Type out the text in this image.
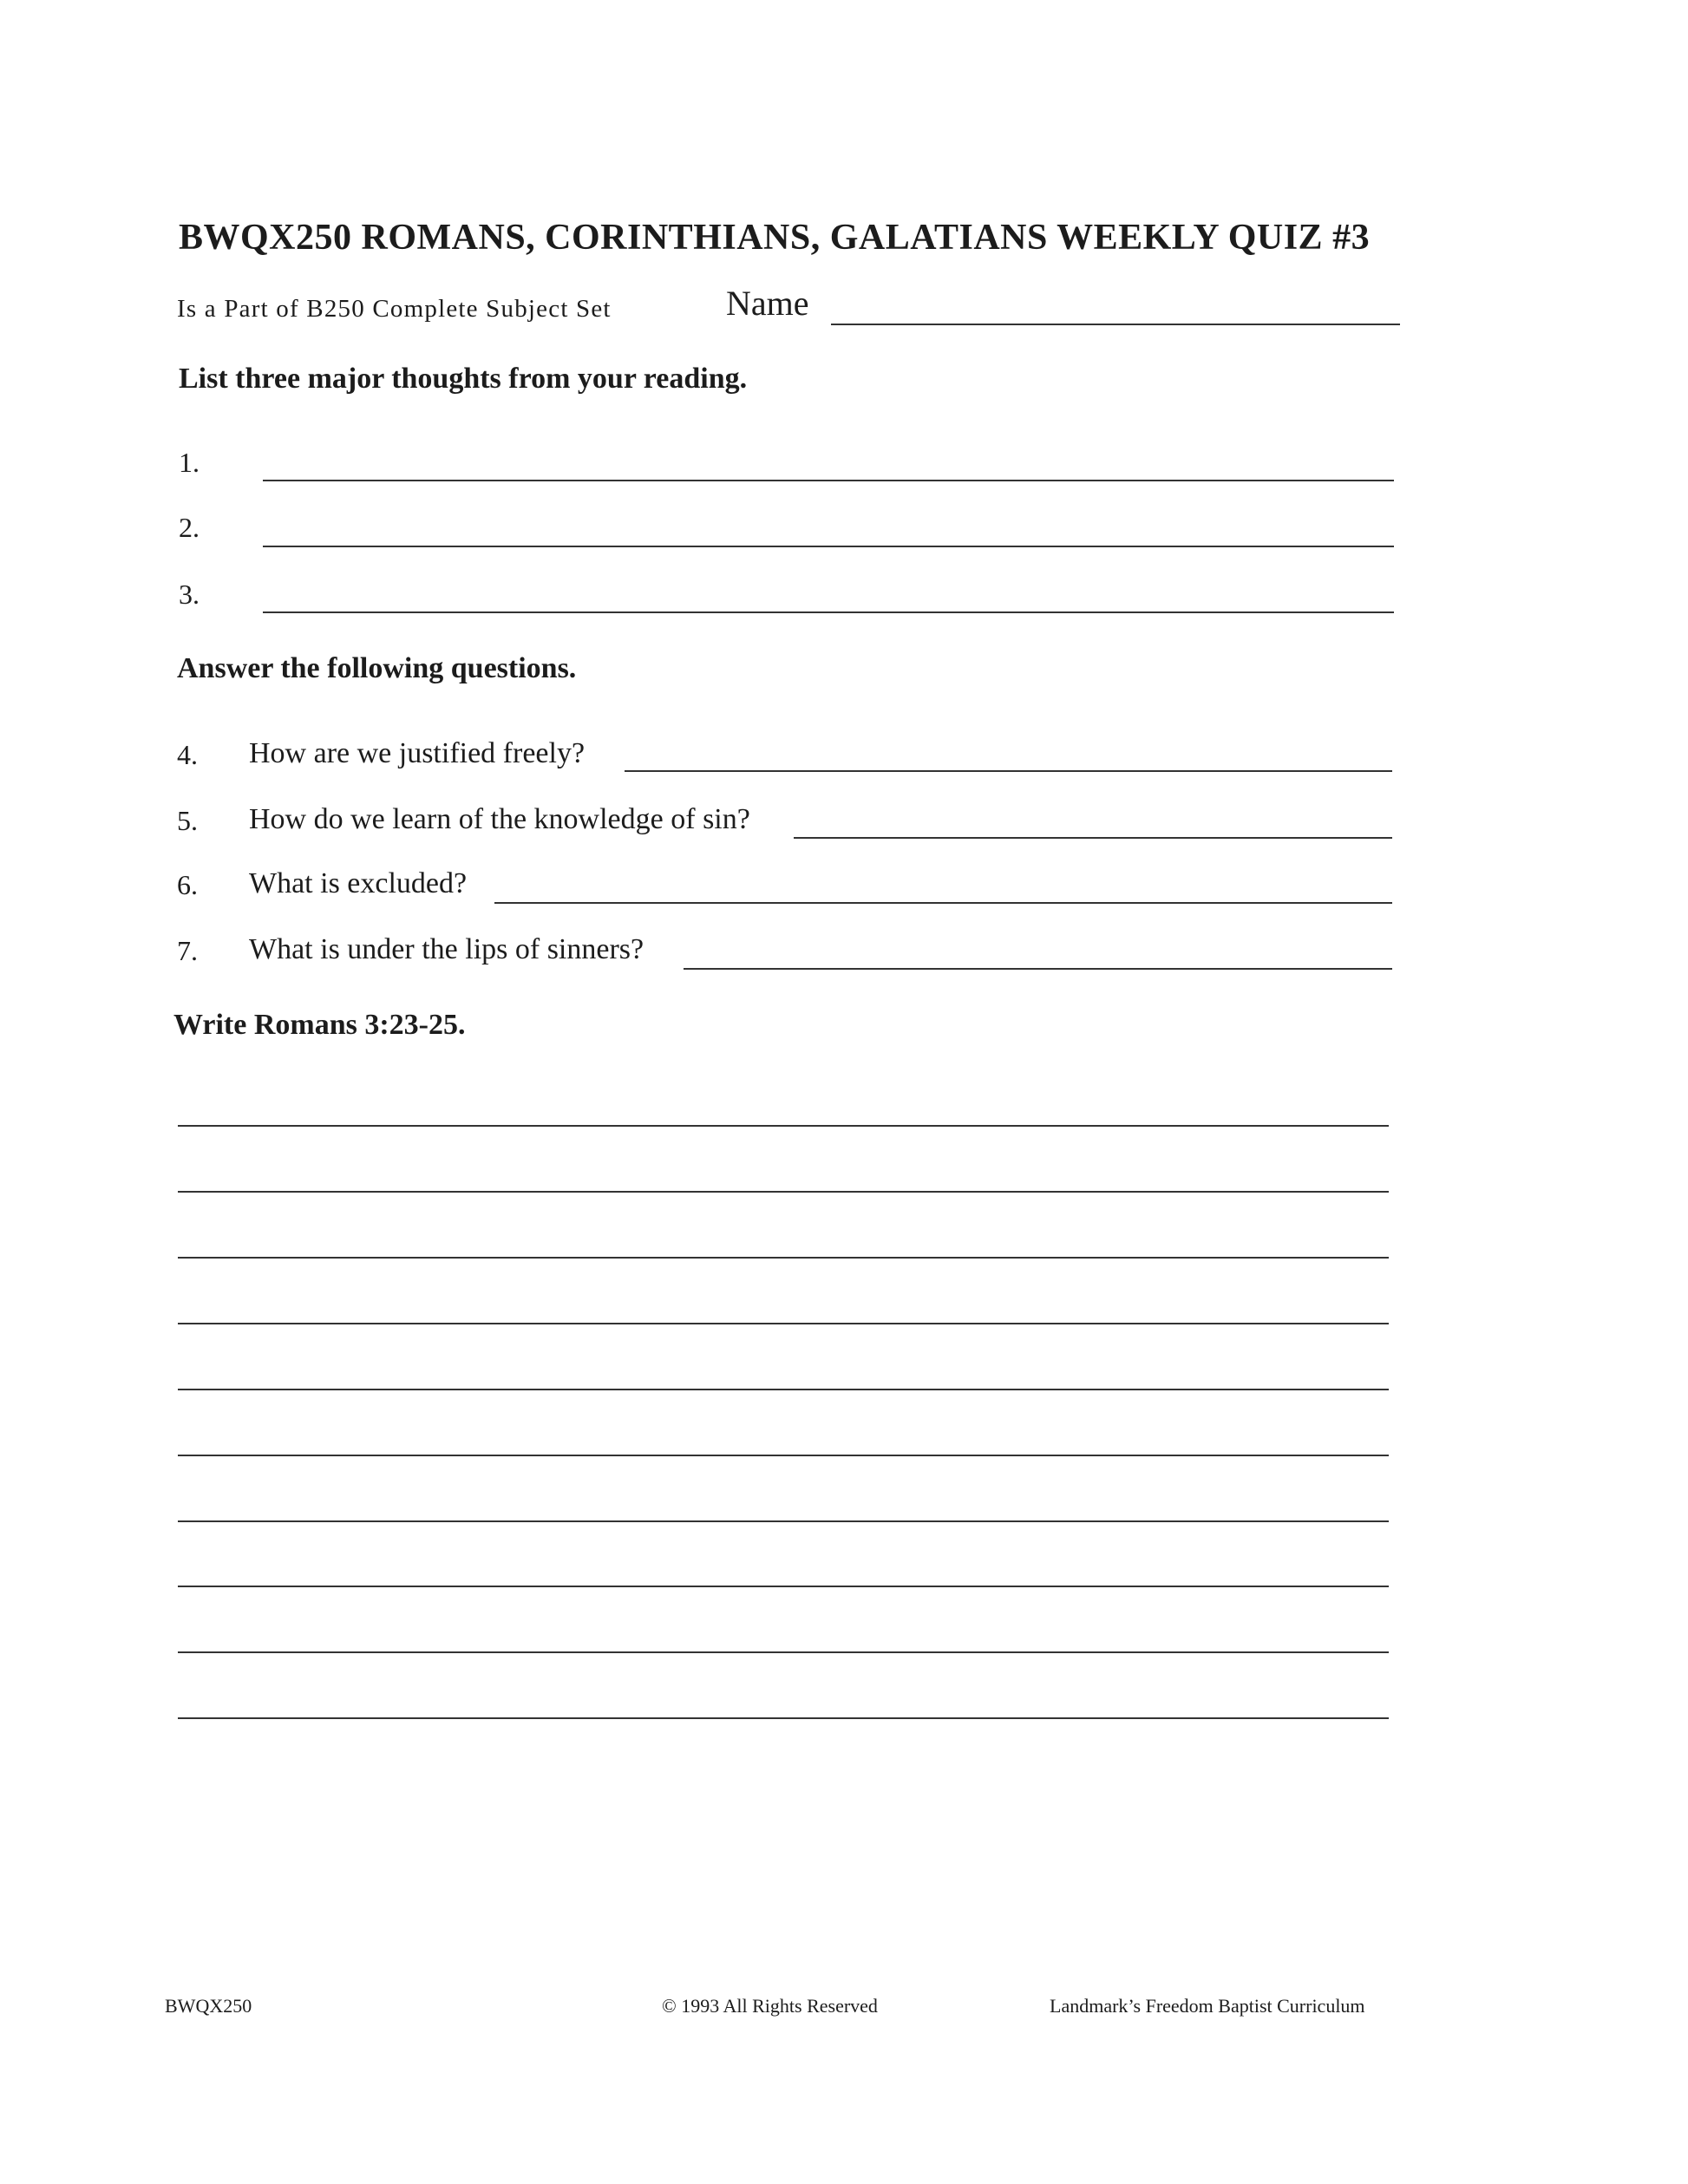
BWQX250 ROMANS, CORINTHIANS, GALATIANS WEEKLY QUIZ #3
Is a Part of B250 Complete Subject Set	Name
List three major thoughts from your reading.
1.
2.
3.
Answer the following questions.
4. How are we justified freely?
5. How do we learn of the knowledge of sin?
6. What is excluded?
7. What is under the lips of sinners?
Write Romans 3:23-25.
BWQX250	© 1993 All Rights Reserved	Landmark’s Freedom Baptist Curriculum
